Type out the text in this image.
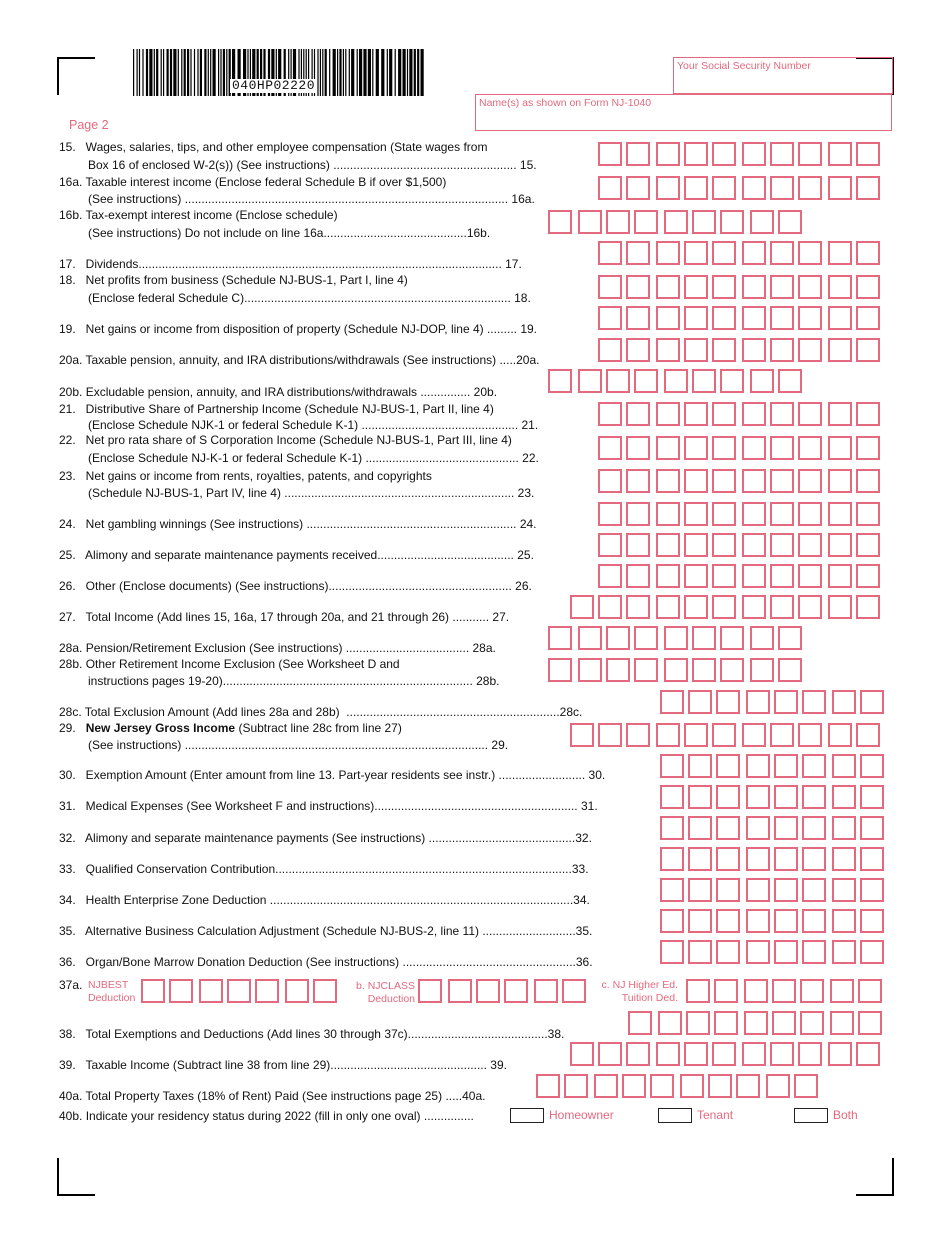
040HP02220
Your Social Security Number
Name(s) as shown on Form NJ-1040
Page 2
15.   Wages, salaries, tips, and other employee compensation (State wages from
Box 16 of enclosed W-2(s)) (See instructions) ....................................................... 15.
16a. Taxable interest income (Enclose federal Schedule B if over $1,500)
(See instructions) ................................................................................................. 16a.
16b. Tax-exempt interest income (Enclose schedule)
(See instructions) Do not include on line 16a...........................................16b.
17.   Dividends............................................................................................................. 17.
18.   Net profits from business (Schedule NJ-BUS-1, Part I, line 4)
(Enclose federal Schedule C)................................................................................ 18.
19.   Net gains or income from disposition of property (Schedule NJ-DOP, line 4) ......... 19.
20a. Taxable pension, annuity, and IRA distributions/withdrawals (See instructions) .....20a.
20b. Excludable pension, annuity, and IRA distributions/withdrawals ............... 20b.
21.   Distributive Share of Partnership Income (Schedule NJ-BUS-1, Part II, line 4)
(Enclose Schedule NJK-1 or federal Schedule K-1) ............................................... 21.
22.   Net pro rata share of S Corporation Income (Schedule NJ-BUS-1, Part III, line 4)
(Enclose Schedule NJ-K-1 or federal Schedule K-1) .............................................. 22.
23.   Net gains or income from rents, royalties, patents, and copyrights
(Schedule NJ-BUS-1, Part IV, line 4) ..................................................................... 23.
24.   Net gambling winnings (See instructions) ............................................................... 24.
25.   Alimony and separate maintenance payments received......................................... 25.
26.   Other (Enclose documents) (See instructions)....................................................... 26.
27.   Total Income (Add lines 15, 16a, 17 through 20a, and 21 through 26) ........... 27.
28a. Pension/Retirement Exclusion (See instructions) ..................................... 28a.
28b. Other Retirement Income Exclusion (See Worksheet D and
instructions pages 19-20)........................................................................... 28b.
28c. Total Exclusion Amount (Add lines 28a and 28b)  ................................................................28c.
29.   New Jersey Gross Income (Subtract line 28c from line 27)
(See instructions) ........................................................................................... 29.
30.   Exemption Amount (Enter amount from line 13. Part-year residents see instr.) .......................... 30.
31.   Medical Expenses (See Worksheet F and instructions)............................................................. 31.
32.   Alimony and separate maintenance payments (See instructions) ............................................32.
33.   Qualified Conservation Contribution.........................................................................................33.
34.   Health Enterprise Zone Deduction ...........................................................................................34.
35.   Alternative Business Calculation Adjustment (Schedule NJ-BUS-2, line 11) ............................35.
36.   Organ/Bone Marrow Donation Deduction (See instructions) ....................................................36.
38.   Total Exemptions and Deductions (Add lines 30 through 37c)..........................................38.
39.   Taxable Income (Subtract line 38 from line 29)............................................... 39.
40a. Total Property Taxes (18% of Rent) Paid (See instructions page 25) .....40a.
40b. Indicate your residency status during 2022 (fill in only one oval) ...............
37a. NJBEST
Deduction
b. NJCLASS
Deduction
c. NJ Higher Ed.
Tuition Ded.
Homeowner	Tenant	Both
